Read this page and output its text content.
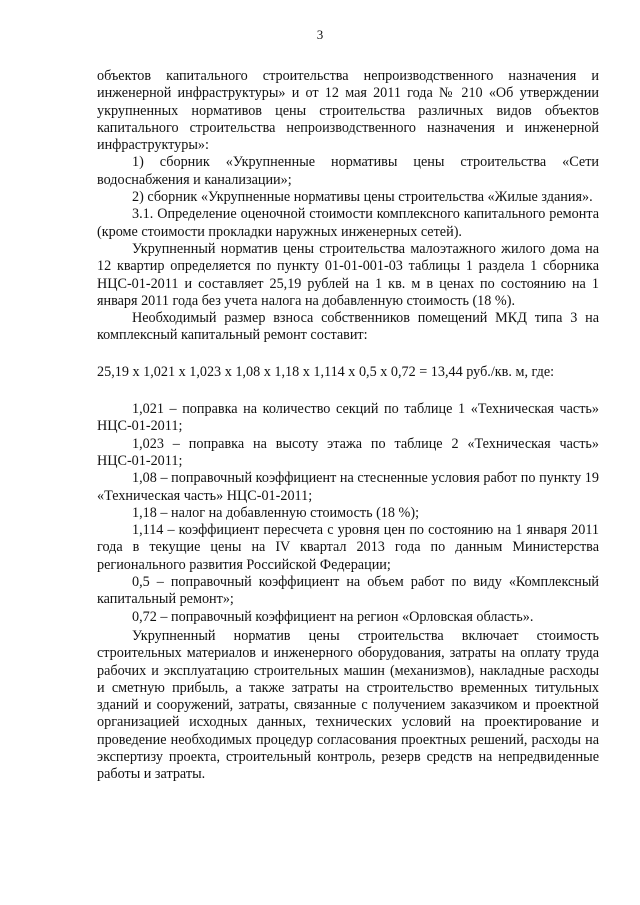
3

объектов капитального строительства непроизводственного назначения и инженерной инфраструктуры» и от 12 мая 2011 года № 210 «Об утверждении укрупненных нормативов цены строительства различных видов объектов капитального строительства непроизводственного назначения и инженерной инфраструктуры»:

1) сборник «Укрупненные нормативы цены строительства «Сети водоснабжения и канализации»;

2) сборник «Укрупненные нормативы цены строительства «Жилые здания».

3.1. Определение оценочной стоимости комплексного капитального ремонта (кроме стоимости прокладки наружных инженерных сетей).

Укрупненный норматив цены строительства малоэтажного жилого дома на 12 квартир определяется по пункту 01-01-001-03 таблицы 1 раздела 1 сборника НЦС-01-2011 и составляет 25,19 рублей на 1 кв. м в ценах по состоянию на 1 января 2011 года без учета налога на добавленную стоимость (18 %).

Необходимый размер взноса собственников помещений МКД типа 3 на комплексный капитальный ремонт составит:

25,19 х 1,021 х 1,023 х 1,08 х 1,18 х 1,114 х 0,5 х 0,72 = 13,44 руб./кв. м, где:

1,021 – поправка на количество секций по таблице 1 «Техническая часть» НЦС-01-2011;

1,023 – поправка на высоту этажа по таблице 2 «Техническая часть» НЦС-01-2011;

1,08 – поправочный коэффициент на стесненные условия работ по пункту 19 «Техническая часть» НЦС-01-2011;

1,18 – налог на добавленную стоимость (18 %);

1,114 – коэффициент пересчета с уровня цен по состоянию на 1 января 2011 года в текущие цены на IV квартал 2013 года по данным Министерства регионального развития Российской Федерации;

0,5 – поправочный коэффициент на объем работ по виду «Комплексный капитальный ремонт»;

0,72 – поправочный коэффициент на регион «Орловская область».

Укрупненный норматив цены строительства включает стоимость строительных материалов и инженерного оборудования, затраты на оплату труда рабочих и эксплуатацию строительных машин (механизмов), накладные расходы и сметную прибыль, а также затраты на строительство временных титульных зданий и сооружений, затраты, связанные с получением заказчиком и проектной организацией исходных данных, технических условий на проектирование и проведение необходимых процедур согласования проектных решений, расходы на экспертизу проекта, строительный контроль, резерв средств на непредвиденные работы и затраты.
